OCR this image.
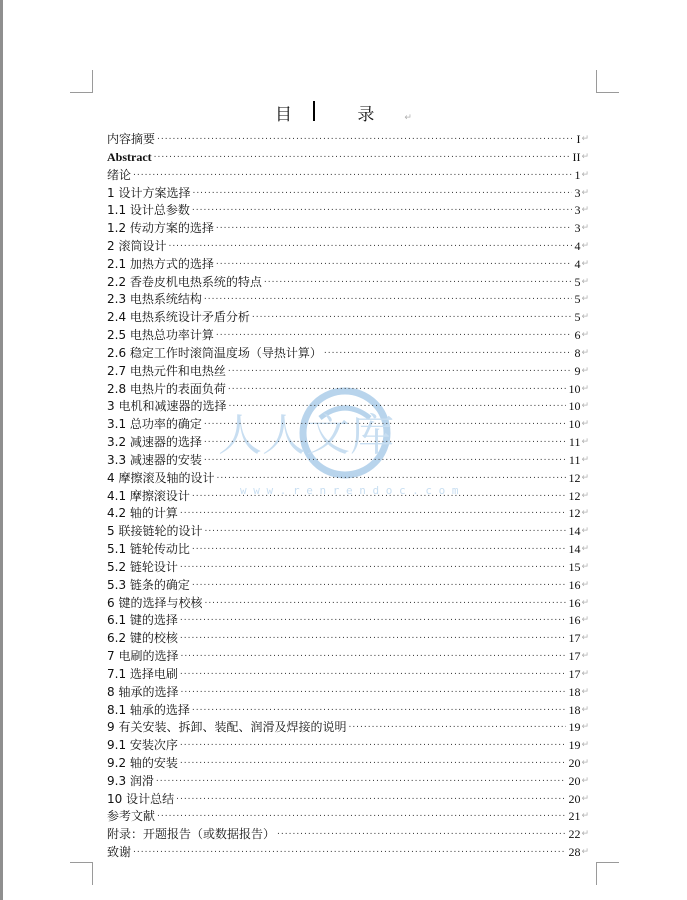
目 录↵
人人文库
w w w . r e n r e n d o c . c o m
内容摘要 .....	I ↵
Abstract .....	II ↵
绪论 .....	1 ↵
1 设计方案选择 .....	3 ↵
1.1 设计总参数 .....	3 ↵
1.2 传动方案的选择 .....	3 ↵
2 滚筒设计 .....	4 ↵
2.1 加热方式的选择 .....	4 ↵
2.2 香卷皮机电热系统的特点 .....	5 ↵
2.3 电热系统结构 .....	5 ↵
2.4 电热系统设计矛盾分析 .....	5 ↵
2.5 电热总功率计算 .....	6 ↵
2.6 稳定工作时滚筒温度场（导热计算） .....	8 ↵
2.7 电热元件和电热丝 .....	9 ↵
2.8 电热片的表面负荷 .....	10 ↵
3 电机和减速器的选择 .....	10 ↵
3.1 总功率的确定 .....	10 ↵
3.2 减速器的选择 .....	11 ↵
3.3 减速器的安装 .....	11 ↵
4 摩擦滚及轴的设计 .....	12 ↵
4.1 摩擦滚设计 .....	12 ↵
4.2 轴的计算 .....	12 ↵
5 联接链轮的设计 .....	14 ↵
5.1 链轮传动比 .....	14 ↵
5.2 链轮设计 .....	15 ↵
5.3 链条的确定 .....	16 ↵
6 键的选择与校核 .....	16 ↵
6.1 键的选择 .....	16 ↵
6.2 键的校核 .....	17 ↵
7 电刷的选择 .....	17 ↵
7.1 选择电刷 .....	17 ↵
8 轴承的选择 .....	18 ↵
8.1 轴承的选择 .....	18 ↵
9 有关安装、拆卸、装配、润滑及焊接的说明 .....	19 ↵
9.1 安装次序 .....	19 ↵
9.2 轴的安装 .....	20 ↵
9.3 润滑 .....	20 ↵
10 设计总结 .....	20 ↵
参考文献 .....	21 ↵
附录：开题报告（或数据报告） .....	22 ↵
致谢 .....	28 ↵
